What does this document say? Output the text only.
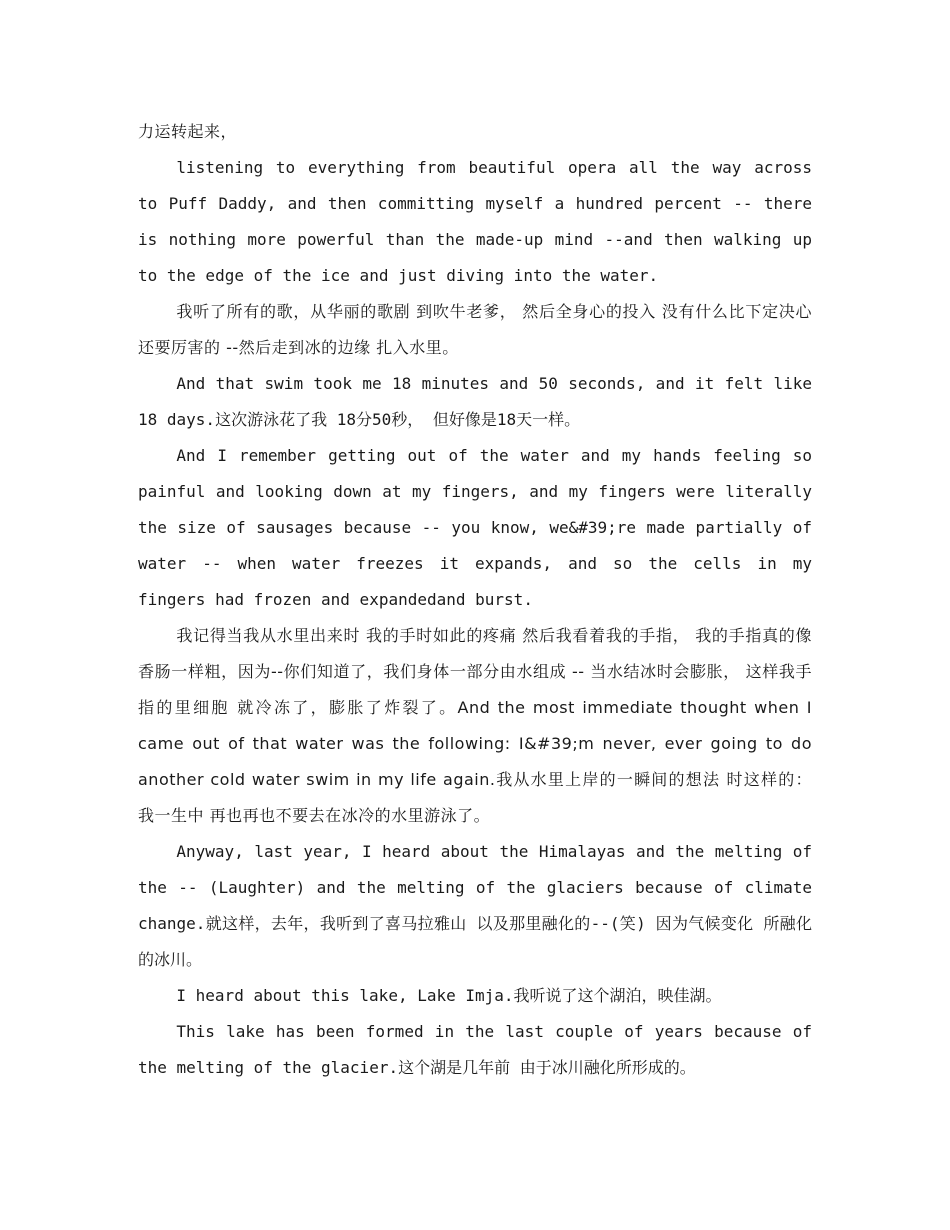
力运转起来，

listening to everything from beautiful opera all the way across to Puff Daddy, and then committing myself a hundred percent -- there is nothing more powerful than the made-up mind --and then walking up to the edge of the ice and just diving into the water.

我听了所有的歌，从华丽的歌剧 到吹牛老爹， 然后全身心的投入 没有什么比下定决心还要厉害的 --然后走到冰的边缘 扎入水里。

And that swim took me 18 minutes and 50 seconds, and it felt like 18 days.这次游泳花了我 18分50秒， 但好像是18天一样。

And I remember getting out of the water and my hands feeling so painful and looking down at my fingers, and my fingers were literally the size of sausages because -- you know, we&#39;re made partially of water -- when water freezes it expands, and so the cells in my fingers had frozen and expandedand burst.

我记得当我从水里出来时 我的手时如此的疼痛 然后我看着我的手指， 我的手指真的像香肠一样粗，因为--你们知道了，我们身体一部分由水组成 -- 当水结冰时会膨胀， 这样我手指的里细胞 就冷冻了，膨胀了炸裂了。And the most immediate thought when I came out of that water was the following: I&#39;m never, ever going to do another cold water swim in my life again.我从水里上岸的一瞬间的想法 时这样的： 我一生中 再也再也不要去在冰冷的水里游泳了。

Anyway, last year, I heard about the Himalayas and the melting of the -- (Laughter) and the melting of the glaciers because of climate change.就这样，去年，我听到了喜马拉雅山 以及那里融化的--(笑) 因为气候变化 所融化的冰川。

I heard about this lake, Lake Imja.我听说了这个湖泊，映佳湖。

This lake has been formed in the last couple of years because of the melting of the glacier.这个湖是几年前 由于冰川融化所形成的。
